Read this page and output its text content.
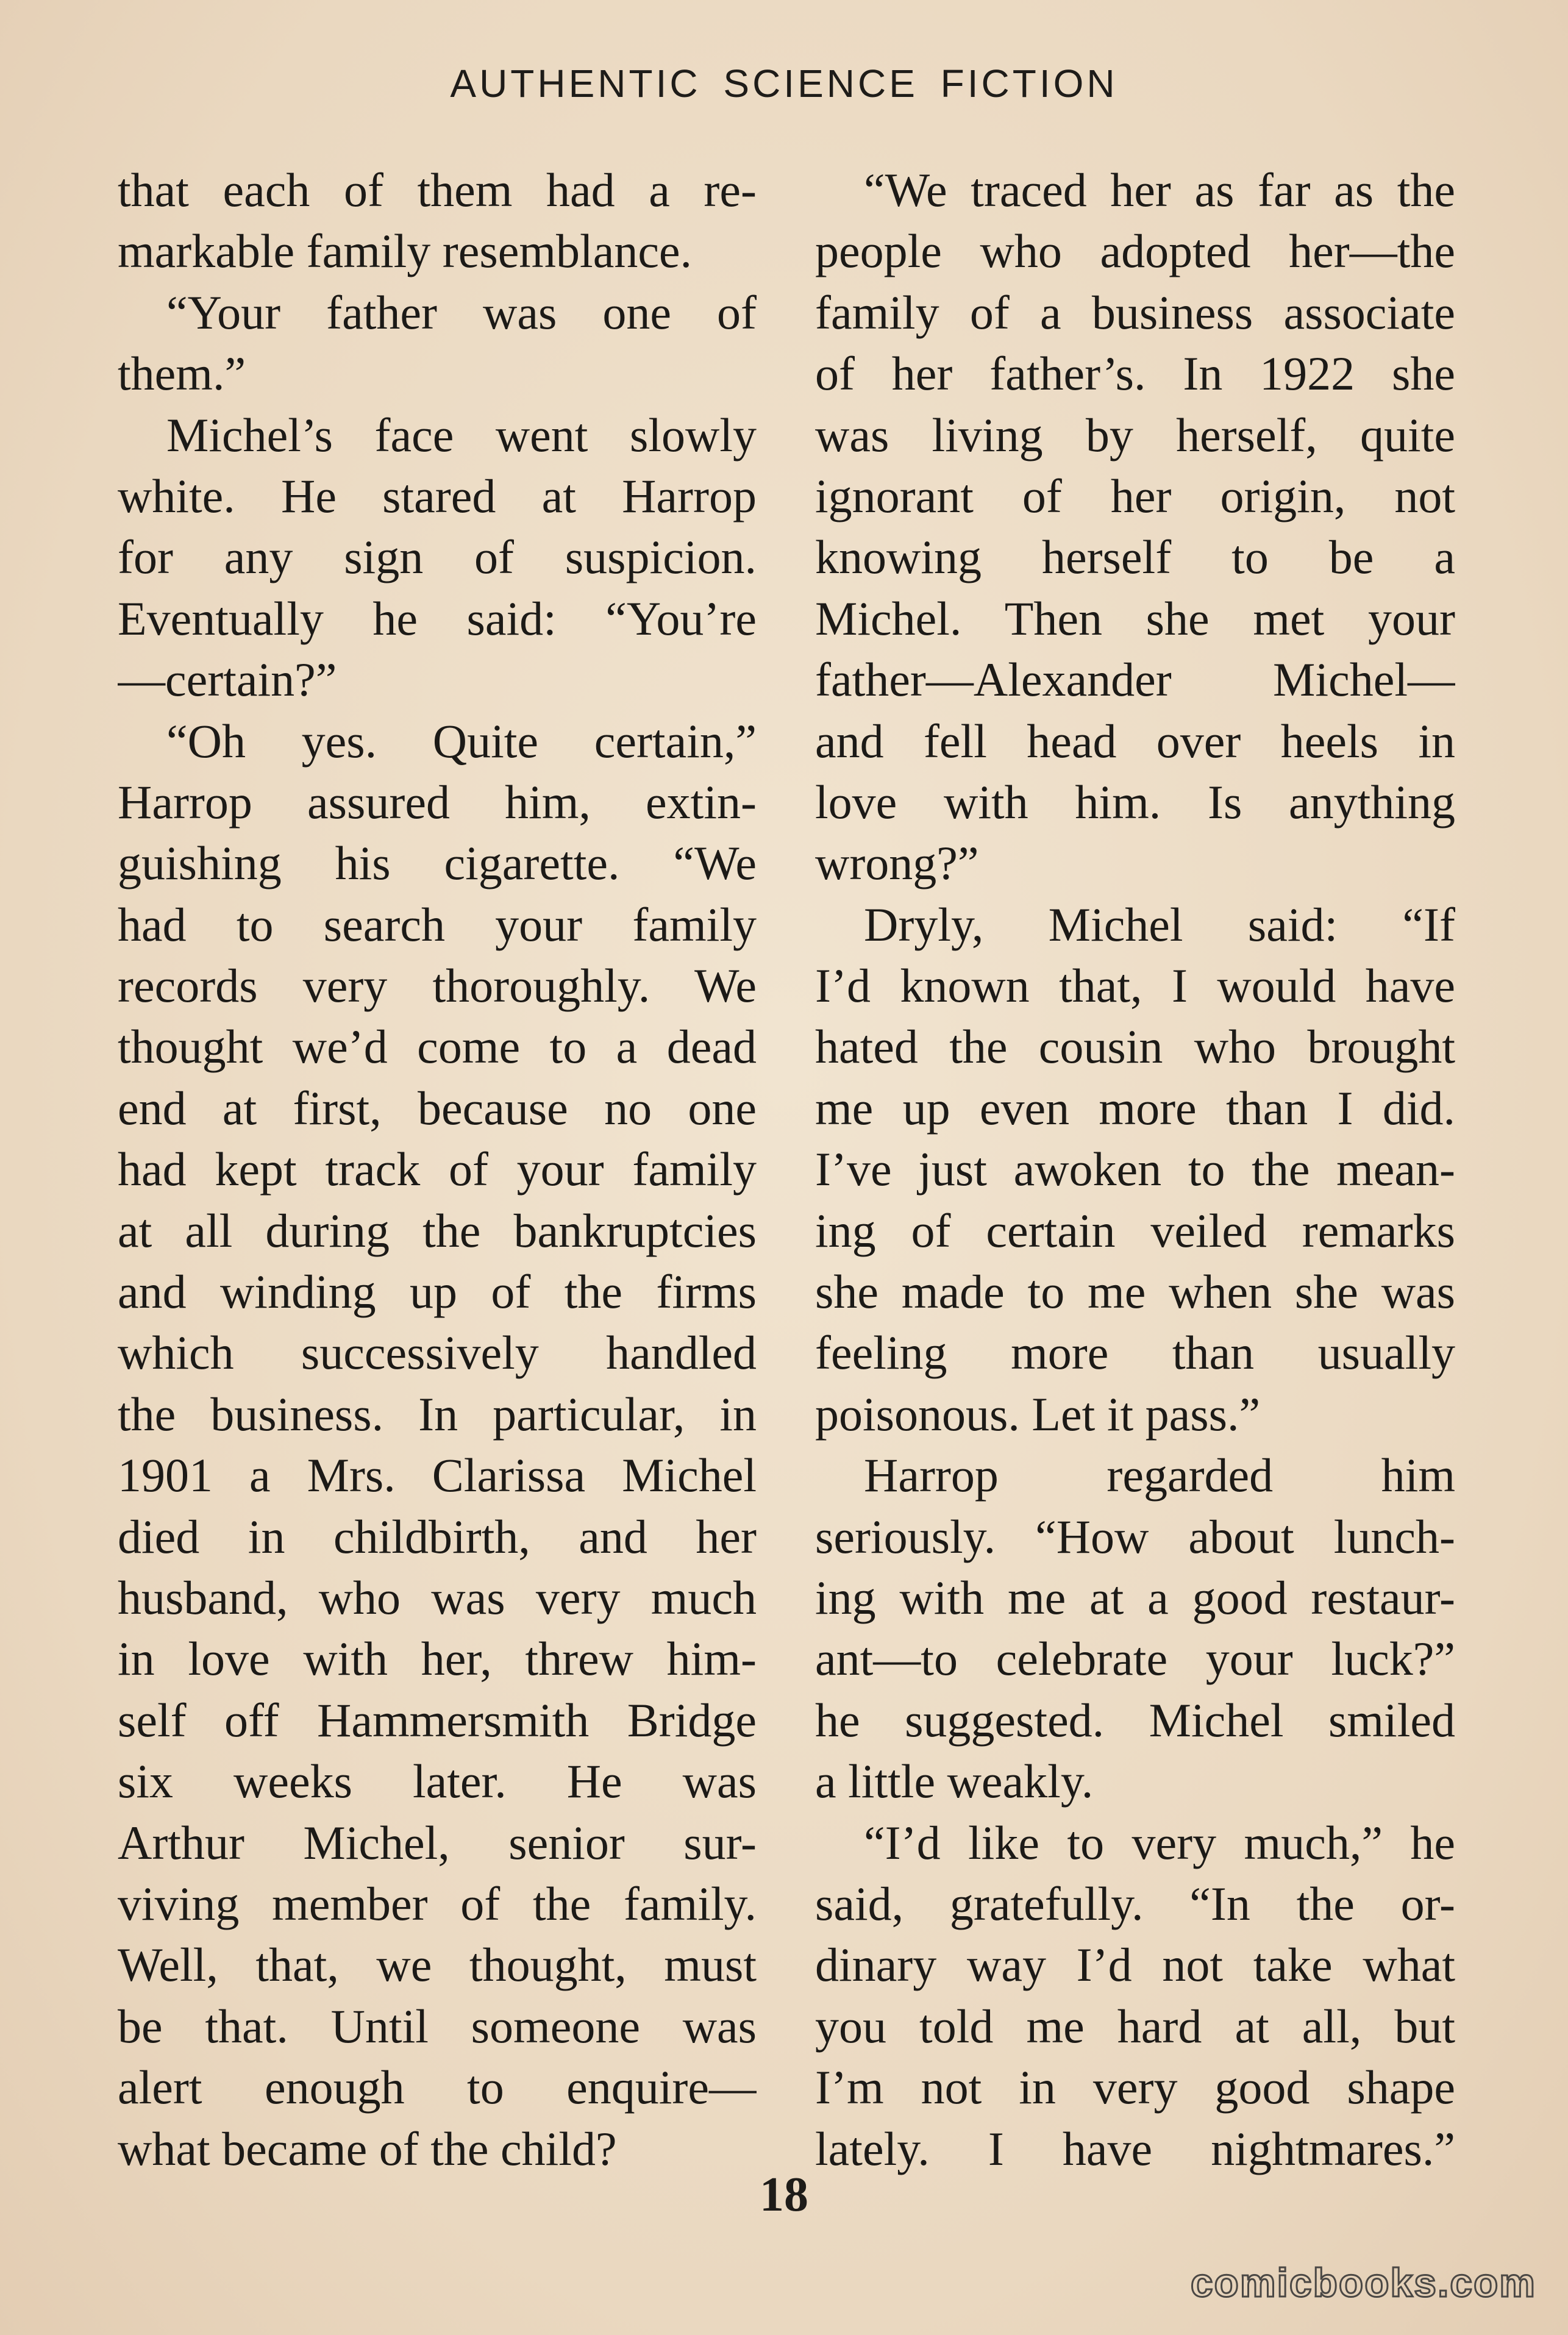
AUTHENTIC SCIENCE FICTION
that each of them had a re-
markable family resemblance.
“Your father was one of
them.”
Michel’s face went slowly
white. He stared at Harrop
for any sign of suspicion.
Eventually he said: “You’re
—certain?”
“Oh yes. Quite certain,”
Harrop assured him, extin-
guishing his cigarette. “We
had to search your family
records very thoroughly. We
thought we’d come to a dead
end at first, because no one
had kept track of your family
at all during the bankruptcies
and winding up of the firms
which successively handled
the business. In particular, in
1901 a Mrs. Clarissa Michel
died in childbirth, and her
husband, who was very much
in love with her, threw him-
self off Hammersmith Bridge
six weeks later. He was
Arthur Michel, senior sur-
viving member of the family.
Well, that, we thought, must
be that. Until someone was
alert enough to enquire—
what became of the child?
“We traced her as far as the
people who adopted her—the
family of a business associate
of her father’s. In 1922 she
was living by herself, quite
ignorant of her origin, not
knowing herself to be a
Michel. Then she met your
father—Alexander Michel—
and fell head over heels in
love with him. Is anything
wrong?”
Dryly, Michel said: “If
I’d known that, I would have
hated the cousin who brought
me up even more than I did.
I’ve just awoken to the mean-
ing of certain veiled remarks
she made to me when she was
feeling more than usually
poisonous. Let it pass.”
Harrop regarded him
seriously. “How about lunch-
ing with me at a good restaur-
ant—to celebrate your luck?”
he suggested. Michel smiled
a little weakly.
“I’d like to very much,” he
said, gratefully. “In the or-
dinary way I’d not take what
you told me hard at all, but
I’m not in very good shape
lately. I have nightmares.”
18
comicbooks.com
